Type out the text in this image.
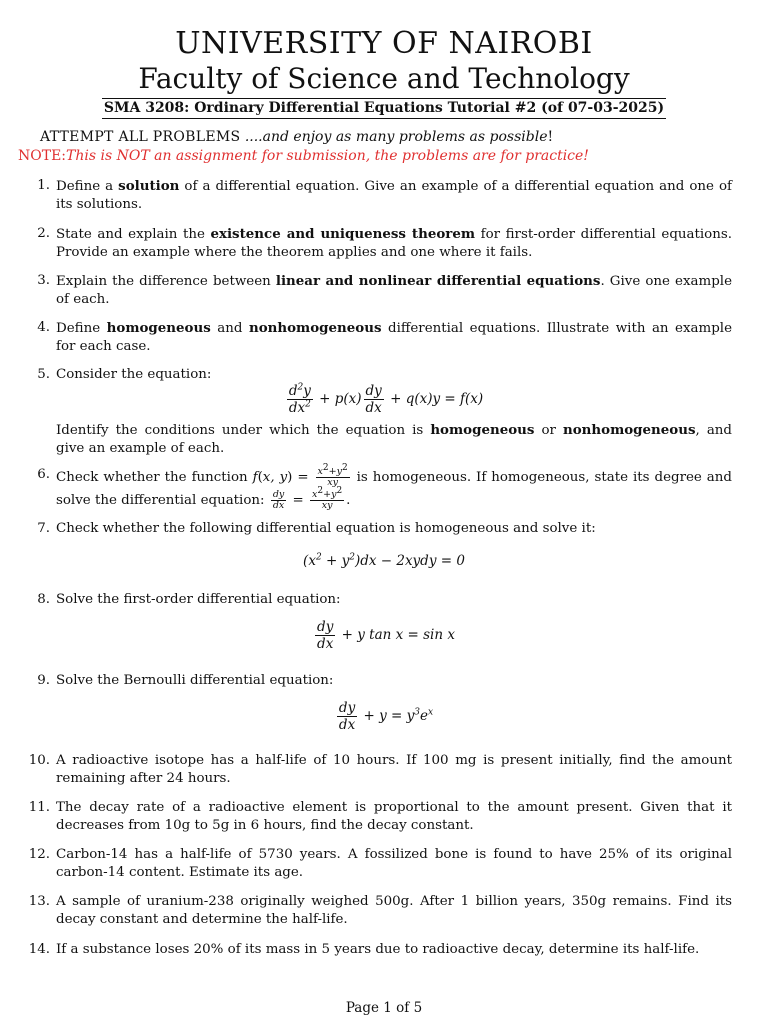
UNIVERSITY OF NAIROBI
Faculty of Science and Technology
SMA 3208: Ordinary Differential Equations Tutorial #2 (of 07-03-2025)
ATTEMPT ALL PROBLEMS ....and enjoy as many problems as possible!
NOTE:This is NOT an assignment for submission, the problems are for practice!
1. Define a solution of a differential equation. Give an example of a differential equation and one of its solutions.
2. State and explain the existence and uniqueness theorem for first-order differential equations. Provide an example where the theorem applies and one where it fails.
3. Explain the difference between linear and nonlinear differential equations. Give one example of each.
4. Define homogeneous and nonhomogeneous differential equations. Illustrate with an example for each case.
5. Consider the equation:
$\frac{d^2y}{dx^2} + p(x) \frac{dy}{dx} + q(x)y = f(x)$
Identify the conditions under which the equation is homogeneous or nonhomogeneous, and give an example of each.
6. Check whether the function f(x, $y) = \frac{x^2+y^2}{xy}$ is homogeneous. If homogeneous, state its degree and solve the differential equation: $\frac{dy}{dx} = \frac{x^2+y^2}{xy}$ .
7. Check whether the following differential equation is homogeneous and solve it:
$(x^2 + y^2)dx$ − 2xydy = 0
8. Solve the first-order differential equation:
$\frac{dy}{dx} + y$ tan x = sin x
9. Solve the Bernoulli differential equation:
$\frac{dy}{dx} + y = y^3e^x$
10. A radioactive isotope has a half-life of 10 hours. If 100 mg is present initially, find the amount remaining after 24 hours.
11. The decay rate of a radioactive element is proportional to the amount present. Given that it decreases from 10g to 5g in 6 hours, find the decay constant.
12. Carbon-14 has a half-life of 5730 years. A fossilized bone is found to have 25% of its original carbon-14 content. Estimate its age.
13. A sample of uranium-238 originally weighed 500g. After 1 billion years, 350g remains. Find its decay constant and determine the half-life.
14. If a substance loses 20% of its mass in 5 years due to radioactive decay, determine its half-life.
Page 1 of 5
